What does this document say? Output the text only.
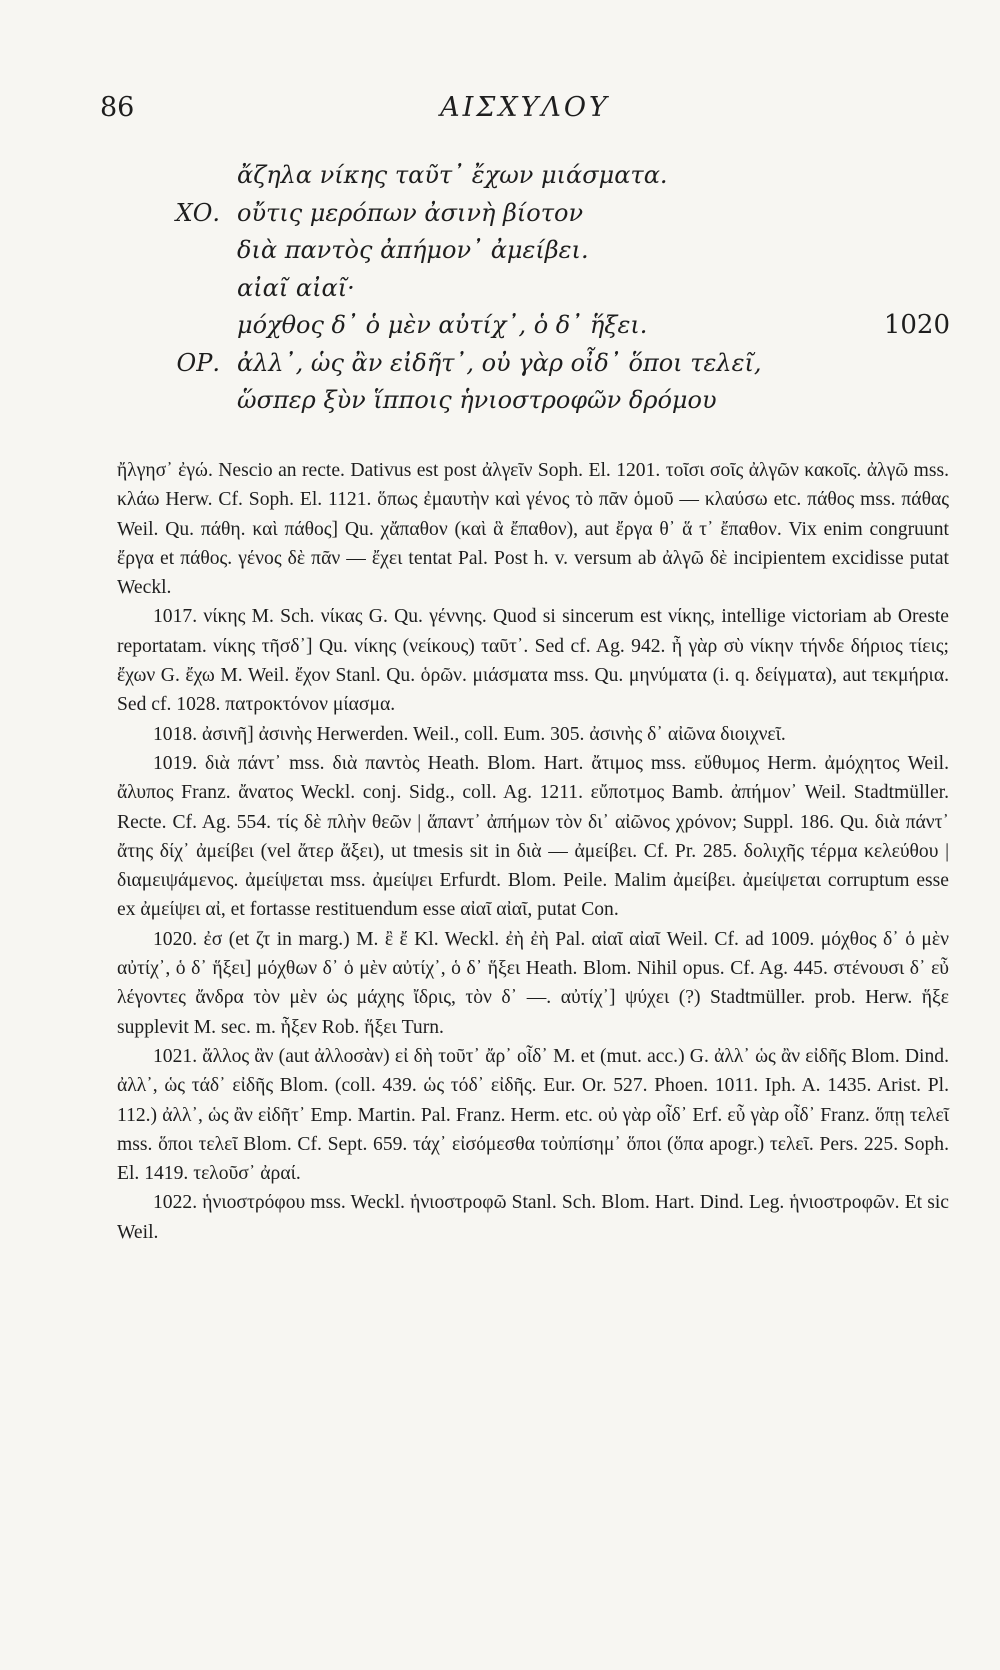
86	ΑΙΣΧΥΛΟΥ
ἄζηλα νίκης ταῦτ᾽ ἔχων μιάσματα.
ΧΟ. οὔτις μερόπων ἀσινὴ βίοτον
διὰ παντὸς ἀπήμον᾽ ἀμείβει.
αἰαῖ αἰαῖ·
μόχθος δ᾽ ὁ μὲν αὐτίχ᾽, ὁ δ᾽ ἥξει.	1020
ΟΡ. ἀλλ᾽, ὡς ἂν εἰδῆτ᾽, οὐ γὰρ οἶδ᾽ ὅποι τελεῖ,
ὥσπερ ξὺν ἵπποις ἡνιοστροφῶν δρόμου

ἤλγησ᾽ ἐγώ. Nescio an recte. Dativus est post ἀλγεῖν Soph. El. 1201. τοῖσι σοῖς ἀλγῶν κακοῖς. ἀλγῶ mss. κλάω Herw. Cf. Soph. El. 1121. ὅπως ἐμαυτὴν καὶ γένος τὸ πᾶν ὁμοῦ — κλαύσω etc. πάθος mss. πάθας Weil. Qu. πάθη. καὶ πάθος] Qu. χἄπαθον (καὶ ἃ ἔπαθον), aut ἔργα θ᾽ ἅ τ᾽ ἔπαθον. Vix enim congruunt ἔργα et πάθος. γένος δὲ πᾶν — ἔχει tentat Pal. Post h. v. versum ab ἀλγῶ δὲ incipientem excidisse putat Weckl.

1017. νίκης M. Sch. νίκας G. Qu. γέννης. Quod si sincerum est νίκης, intellige victoriam ab Oreste reportatam. νίκης τῆσδ᾽] Qu. νίκης (νείκους) ταῦτ᾽. Sed cf. Ag. 942. ἦ γὰρ σὺ νίκην τήνδε δήριος τίεις; ἔχων G. ἔχω M. Weil. ἔχον Stanl. Qu. ὁρῶν. μιάσματα mss. Qu. μηνύματα (i. q. δείγματα), aut τεκμήρια. Sed cf. 1028. πατροκτόνον μίασμα.

1018. ἀσινῆ] ἀσινὴς Herwerden. Weil., coll. Eum. 305. ἀσινὴς δ᾽ αἰῶνα διοιχνεῖ.

1019. διὰ πάντ᾽ mss. διὰ παντὸς Heath. Blom. Hart. ἄτιμος mss. εὔθυμος Herm. ἀμόχητος Weil. ἄλυπος Franz. ἄνατος Weckl. conj. Sidg., coll. Ag. 1211. εὔποτμος Bamb. ἀπήμον᾽ Weil. Stadtmüller. Recte. Cf. Ag. 554. τίς δὲ πλὴν θεῶν | ἅπαντ᾽ ἀπήμων τὸν δι᾽ αἰῶνος χρόνον; Suppl. 186. Qu. διὰ πάντ᾽ ἄτης δίχ᾽ ἀμείβει (vel ἄτερ ἄξει), ut tmesis sit in διὰ — ἀμείβει. Cf. Pr. 285. δολιχῆς τέρμα κελεύθου | διαμειψάμενος. ἀμείψεται mss. ἀμείψει Erfurdt. Blom. Peile. Malim ἀμείβει. ἀμείψεται corruptum esse ex ἀμείψει αἰ, et fortasse restituendum esse αἰαῖ αἰαῖ, putat Con.

1020. ἐσ (et ζτ in marg.) M. ἒ ἔ Kl. Weckl. ἐὴ ἐὴ Pal. αἰαῖ αἰαῖ Weil. Cf. ad 1009. μόχθος δ᾽ ὁ μὲν αὐτίχ᾽, ὁ δ᾽ ἥξει] μόχθων δ᾽ ὁ μὲν αὐτίχ᾽, ὁ δ᾽ ἥξει Heath. Blom. Nihil opus. Cf. Ag. 445. στένουσι δ᾽ εὖ λέγοντες ἄνδρα τὸν μὲν ὡς μάχης ἴδρις, τὸν δ᾽ —. αὐτίχ᾽] ψύχει (?) Stadtmüller. prob. Herw. ἥξε supplevit M. sec. m. ἧξεν Rob. ἥξει Turn.

1021. ἄλλος ἂν (aut ἀλλοσὰν) εἰ δὴ τοῦτ᾽ ἄρ᾽ οἶδ᾽ M. et (mut. acc.) G. ἀλλ᾽ ὡς ἂν εἰδῆς Blom. Dind. ἀλλ᾽, ὡς τάδ᾽ εἰδῆς Blom. (coll. 439. ὡς τόδ᾽ εἰδῆς. Eur. Or. 527. Phoen. 1011. Iph. A. 1435. Arist. Pl. 112.) ἀλλ᾽, ὡς ἂν εἰδῆτ᾽ Emp. Martin. Pal. Franz. Herm. etc. οὐ γὰρ οἶδ᾽ Erf. εὖ γὰρ οἶδ᾽ Franz. ὅπῃ τελεῖ mss. ὅποι τελεῖ Blom. Cf. Sept. 659. τάχ᾽ εἰσόμεσθα τοὐπίσημ᾽ ὅποι (ὅπα apogr.) τελεῖ. Pers. 225. Soph. El. 1419. τελοῦσ᾽ ἀραί.

1022. ἡνιοστρόφου mss. Weckl. ἡνιοστροφῶ Stanl. Sch. Blom. Hart. Dind. Leg. ἡνιοστροφῶν. Et sic Weil.
